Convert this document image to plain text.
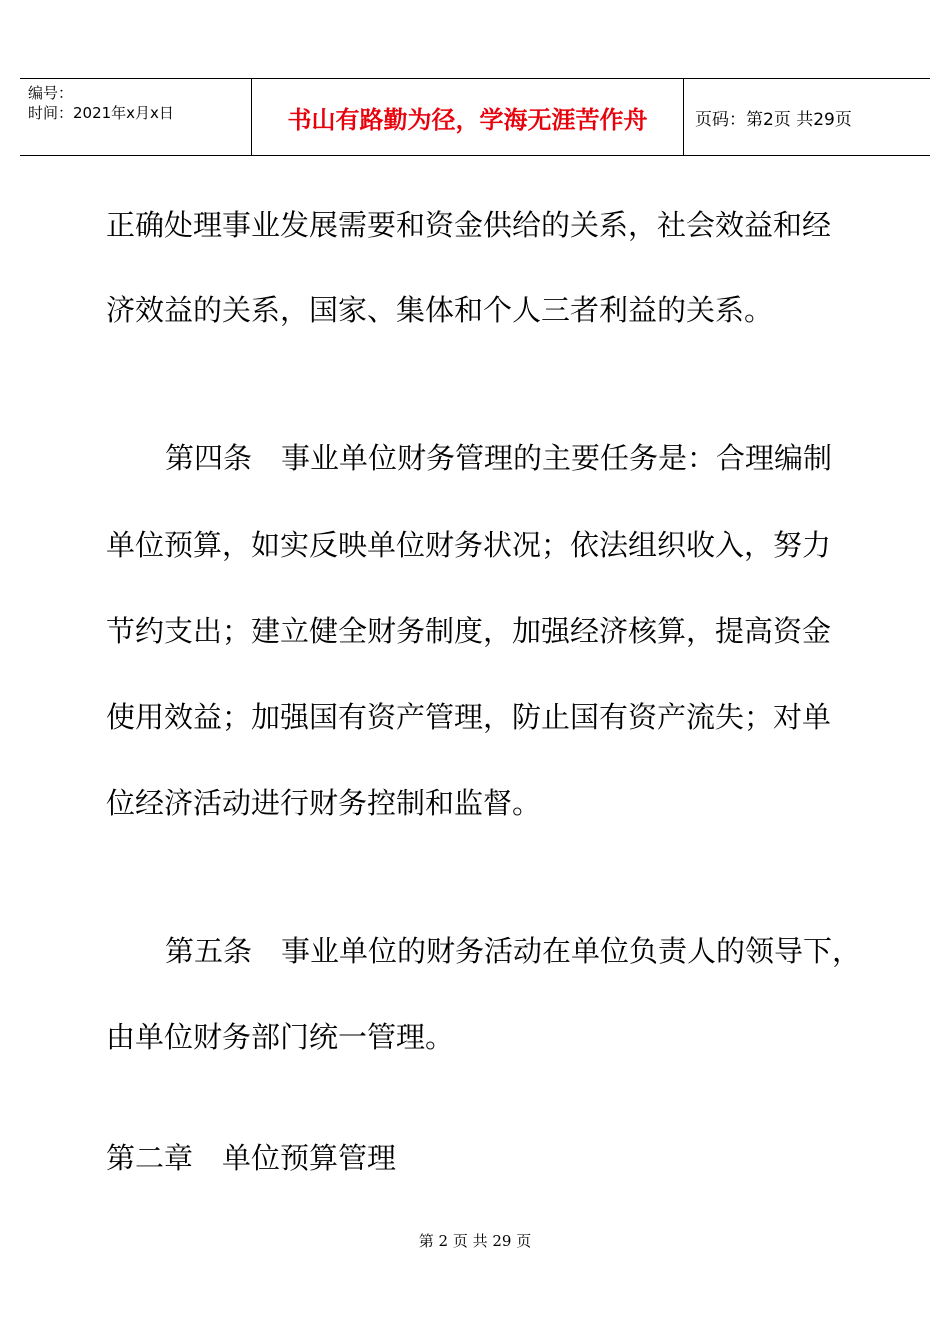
编号：
时间：2021年x月x日	书山有路勤为径，学海无涯苦作舟	页码：第2页 共29页
正确处理事业发展需要和资金供给的关系，社会效益和经
济效益的关系，国家、集体和个人三者利益的关系。
第四条　事业单位财务管理的主要任务是：合理编制
单位预算，如实反映单位财务状况；依法组织收入，努力
节约支出；建立健全财务制度，加强经济核算，提高资金
使用效益；加强国有资产管理，防止国有资产流失；对单
位经济活动进行财务控制和监督。
第五条　事业单位的财务活动在单位负责人的领导下，
由单位财务部门统一管理。
第二章　单位预算管理
第 2 页 共 29 页
